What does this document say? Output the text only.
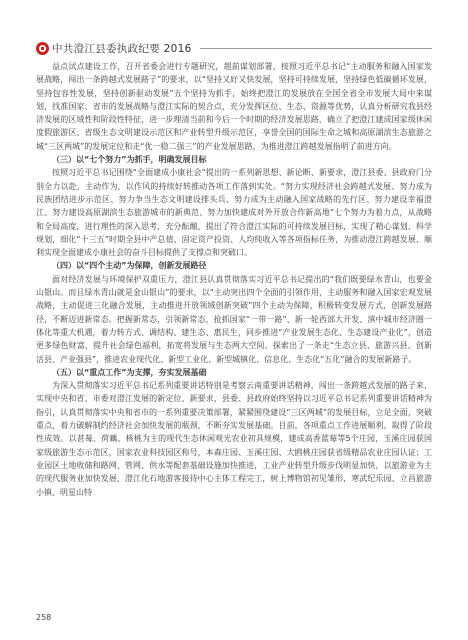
中共澄江县委执政纪要 2016

益点试点建设工作，召开省委会进行专题研究，超前谋划部署，按照习近平总书记“主动服务和融入国家发展战略，闯出一条跨越式发展路子”的要求，以“坚持又好又快发展，坚持可持续发展，坚持绿色低碳循环发展，坚持包容性发展，坚持创新驱动发展”五个坚持为抓手，始终把澄江的发展放在全国全省全市发展大局中来谋划，找准国家、省市的发展战略与澄江实际的契合点，充分发挥区位、生态、资源等优势，认真分析研究我县经济发展的区域性和阶段性特征，进一步理清当前和今后一个时期的经济发展思路，确立了把澄江建成国家级休闲度假旅游区、省级生态文明建设示范区和产业转型升级示范区，享誉全国的国际生命之城和高原湖滨生态旅游之城“三区两城”的发展定位和走“优一稳二强三”的产业发展思路，为推进澄江跨越发展指明了前进方向。

（三）以“七个努力”为抓手，明确发展目标

按照习近平总书记围绕“全面建成小康社会”提出的一系列新思想、新论断、新要求，澄江县委、县政府门分别全力以赴，主动作为，以作风的持续好转推动各项工作落到实处。“努力实现经济社会跨越式发展、努力成为民族团结进步示范区、努力争当生态文明建设排头兵、努力成为主动融入国家战略的先行区、努力建设幸福澄江、努力建设高原湖滨生态旅游城市的新典范、努力加快建成对外开放合作新高地”七个努力为着力点，从战略和全局高度，进行理性的深入思考，充分酝酿，提出了符合澄江实际的可持续发展目标，实现了精心谋划、科学规划，细化“十三五”时期全县中产总值、固定资产投资、人均纯收入等各项指标任务，为推动澄江跨越发展、顺利实现全面建成小康社会的奋斗目标提供了支撑点和突破口。

（四）以“四个主动”为保障，创新发展路径

面对经济发展与环境保护双重压力，澄江县认真贯彻落实习近平总书记提出的“我们既要绿水青山，也要金山银山。而且绿水青山就是金山银山”的要求，以“主动突出四个全面的引领作用，主动服务和融入国家宏观发展战略，主动促进三化融合发展，主动推进开放领域创新突破”四个主动为保障，积极转变发展方式，创新发展路径，不断迈进新常态。把握新常态，引领新常态，抢抓国家“一带一路”、新一轮西部大开发、滇中城市经济圈一体化等重大机遇，着力转方式、调结构、建生态、惠民生，同步推进“产业发展生态化、生态建设产业化”，创造更多绿色财富，提升社会绿色福利，拓宽将发展与生态两大空间。探索出了一条走“生态立县、旅游兴县、创新活县、产业强县”，推进农业现代化、新型工业化、新型城镇化、信息化、生态化“五化”融合的发展新路子。

（五）以“重点工作”为支撑，夯实发展基础

为深入贯彻落实习近平总书记系列重要讲话特别是考察云南重要讲话精神，闯出一条跨越式发展的路子来，实现中央和省、市委对澄江发展的新定位、新要求，县委、县政府始终坚持以习近平总书记系列重要讲话精神为指引，认真贯彻落实中央和省市的一系列重要决策部署，紧紧围绕建设“三区两城”的发展目标，立足全面，突破重点，着力破解制约经济社会加快发展的瓶颈，不断夯实发展基础。目前，各项重点工作进展顺利，取得了阶段性成效。以甚莓、荷藕、核桃为主的现代生态休闲观光农业初具规模，建成高香蓝莓等5个庄园，玉溪庄园获国家级旅游生态示范区，国家农业科技园区称号，本森庄园、玉溪庄园、大鸥桃庄园获省级精品农业庄园认证；工业园区土地收储和路网、管网、供水等配套基础设施加快推进，工业产业转型升级步伐明显加快，以旅游业为主的现代服务业加快发展，澄江化石地游客接待中心主体工程完工，树上博物馆初见雏形，寒武纪乐园、立昌旅游小镇、明星山特

258
